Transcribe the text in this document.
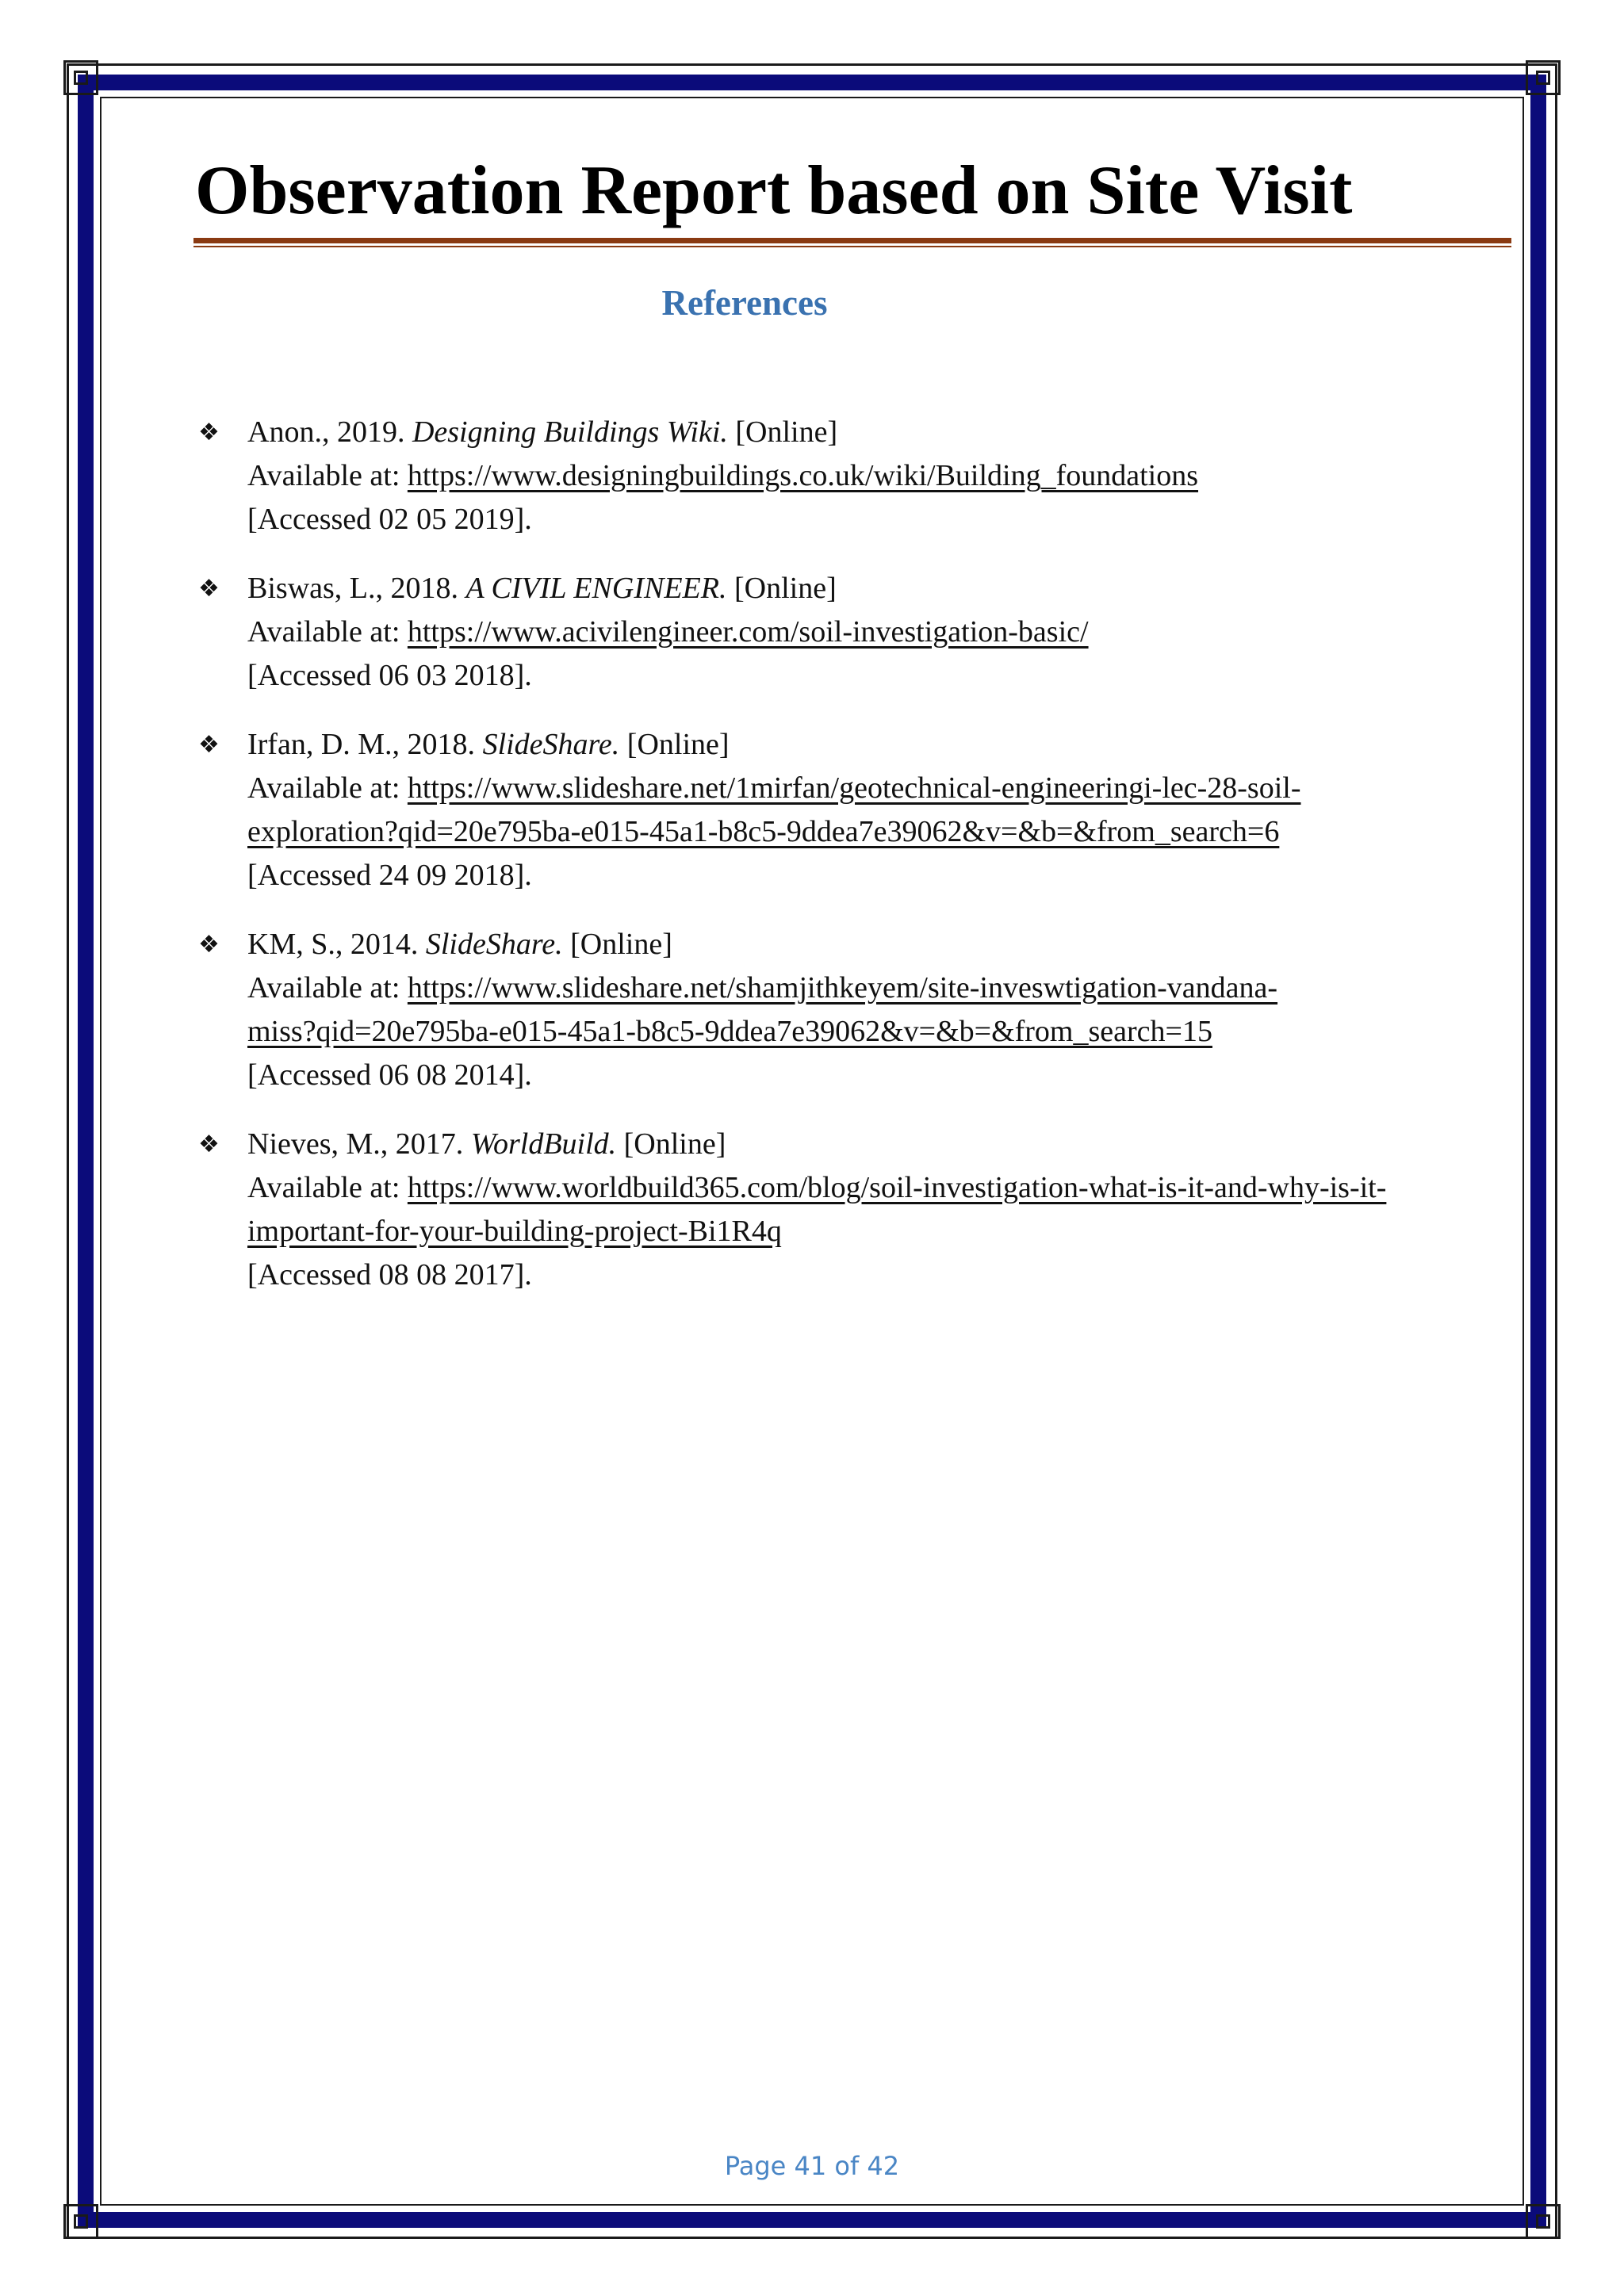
Observation Report based on Site Visit
References
❖ Anon., 2019. Designing Buildings Wiki. [Online]
Available at: https://www.designingbuildings.co.uk/wiki/Building_foundations
[Accessed 02 05 2019].
❖ Biswas, L., 2018. A CIVIL ENGINEER. [Online]
Available at: https://www.acivilengineer.com/soil-investigation-basic/
[Accessed 06 03 2018].
❖ Irfan, D. M., 2018. SlideShare. [Online]
Available at: https://www.slideshare.net/1mirfan/geotechnical-engineeringi-lec-28-soil-
exploration?qid=20e795ba-e015-45a1-b8c5-9ddea7e39062&v=&b=&from_search=6
[Accessed 24 09 2018].
❖ KM, S., 2014. SlideShare. [Online]
Available at: https://www.slideshare.net/shamjithkeyem/site-inveswtigation-vandana-
miss?qid=20e795ba-e015-45a1-b8c5-9ddea7e39062&v=&b=&from_search=15
[Accessed 06 08 2014].
❖ Nieves, M., 2017. WorldBuild. [Online]
Available at: https://www.worldbuild365.com/blog/soil-investigation-what-is-it-and-why-is-it-
important-for-your-building-project-Bi1R4q
[Accessed 08 08 2017].
Page 41 of 42
